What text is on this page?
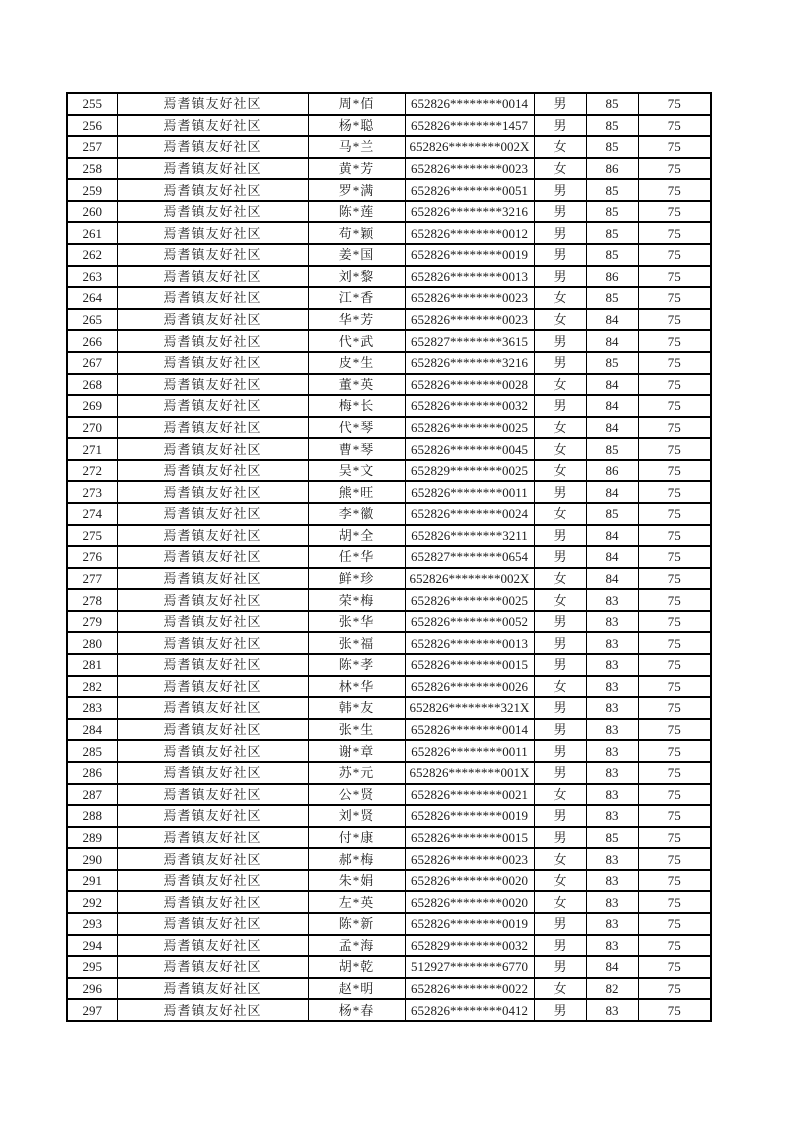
255	焉耆镇友好社区	周*佰	652826********0014	男	85	75
256	焉耆镇友好社区	杨*聪	652826********1457	男	85	75
257	焉耆镇友好社区	马*兰	652826********002X	女	85	75
258	焉耆镇友好社区	黄*芳	652826********0023	女	86	75
259	焉耆镇友好社区	罗*满	652826********0051	男	85	75
260	焉耆镇友好社区	陈*莲	652826********3216	男	85	75
261	焉耆镇友好社区	苟*颖	652826********0012	男	85	75
262	焉耆镇友好社区	姜*国	652826********0019	男	85	75
263	焉耆镇友好社区	刘*黎	652826********0013	男	86	75
264	焉耆镇友好社区	江*香	652826********0023	女	85	75
265	焉耆镇友好社区	华*芳	652826********0023	女	84	75
266	焉耆镇友好社区	代*武	652827********3615	男	84	75
267	焉耆镇友好社区	皮*生	652826********3216	男	85	75
268	焉耆镇友好社区	董*英	652826********0028	女	84	75
269	焉耆镇友好社区	梅*长	652826********0032	男	84	75
270	焉耆镇友好社区	代*琴	652826********0025	女	84	75
271	焉耆镇友好社区	曹*琴	652826********0045	女	85	75
272	焉耆镇友好社区	吴*文	652829********0025	女	86	75
273	焉耆镇友好社区	熊*旺	652826********0011	男	84	75
274	焉耆镇友好社区	李*徽	652826********0024	女	85	75
275	焉耆镇友好社区	胡*全	652826********3211	男	84	75
276	焉耆镇友好社区	任*华	652827********0654	男	84	75
277	焉耆镇友好社区	鲜*珍	652826********002X	女	84	75
278	焉耆镇友好社区	荣*梅	652826********0025	女	83	75
279	焉耆镇友好社区	张*华	652826********0052	男	83	75
280	焉耆镇友好社区	张*福	652826********0013	男	83	75
281	焉耆镇友好社区	陈*孝	652826********0015	男	83	75
282	焉耆镇友好社区	林*华	652826********0026	女	83	75
283	焉耆镇友好社区	韩*友	652826********321X	男	83	75
284	焉耆镇友好社区	张*生	652826********0014	男	83	75
285	焉耆镇友好社区	谢*章	652826********0011	男	83	75
286	焉耆镇友好社区	苏*元	652826********001X	男	83	75
287	焉耆镇友好社区	公*贤	652826********0021	女	83	75
288	焉耆镇友好社区	刘*贤	652826********0019	男	83	75
289	焉耆镇友好社区	付*康	652826********0015	男	85	75
290	焉耆镇友好社区	郝*梅	652826********0023	女	83	75
291	焉耆镇友好社区	朱*娟	652826********0020	女	83	75
292	焉耆镇友好社区	左*英	652826********0020	女	83	75
293	焉耆镇友好社区	陈*新	652826********0019	男	83	75
294	焉耆镇友好社区	孟*海	652829********0032	男	83	75
295	焉耆镇友好社区	胡*乾	512927********6770	男	84	75
296	焉耆镇友好社区	赵*明	652826********0022	女	82	75
297	焉耆镇友好社区	杨*春	652826********0412	男	83	75
